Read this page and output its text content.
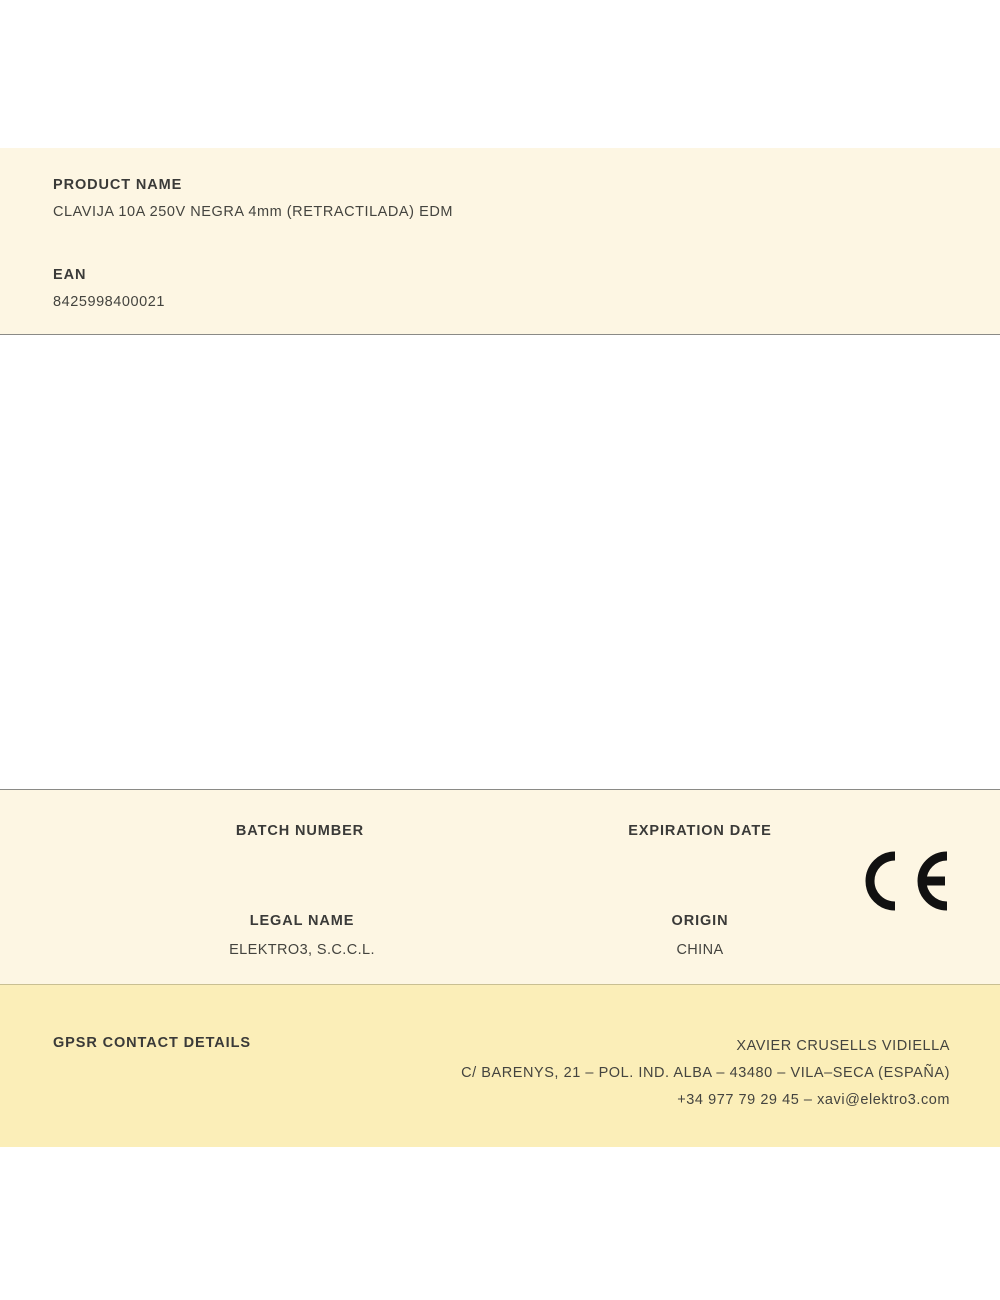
PRODUCT NAME
CLAVIJA 10A 250V NEGRA 4mm (RETRACTILADA) EDM
EAN
8425998400021
BATCH NUMBER	EXPIRATION DATE
LEGAL NAME
ELEKTRO3, S.C.C.L.
ORIGIN
CHINA
GPSR CONTACT DETAILS	XAVIER CRUSELLS VIDIELLA
C/ BARENYS, 21 – POL. IND. ALBA – 43480 – VILA–SECA (ESPAÑA)
+34 977 79 29 45 – xavi@elektro3.com
